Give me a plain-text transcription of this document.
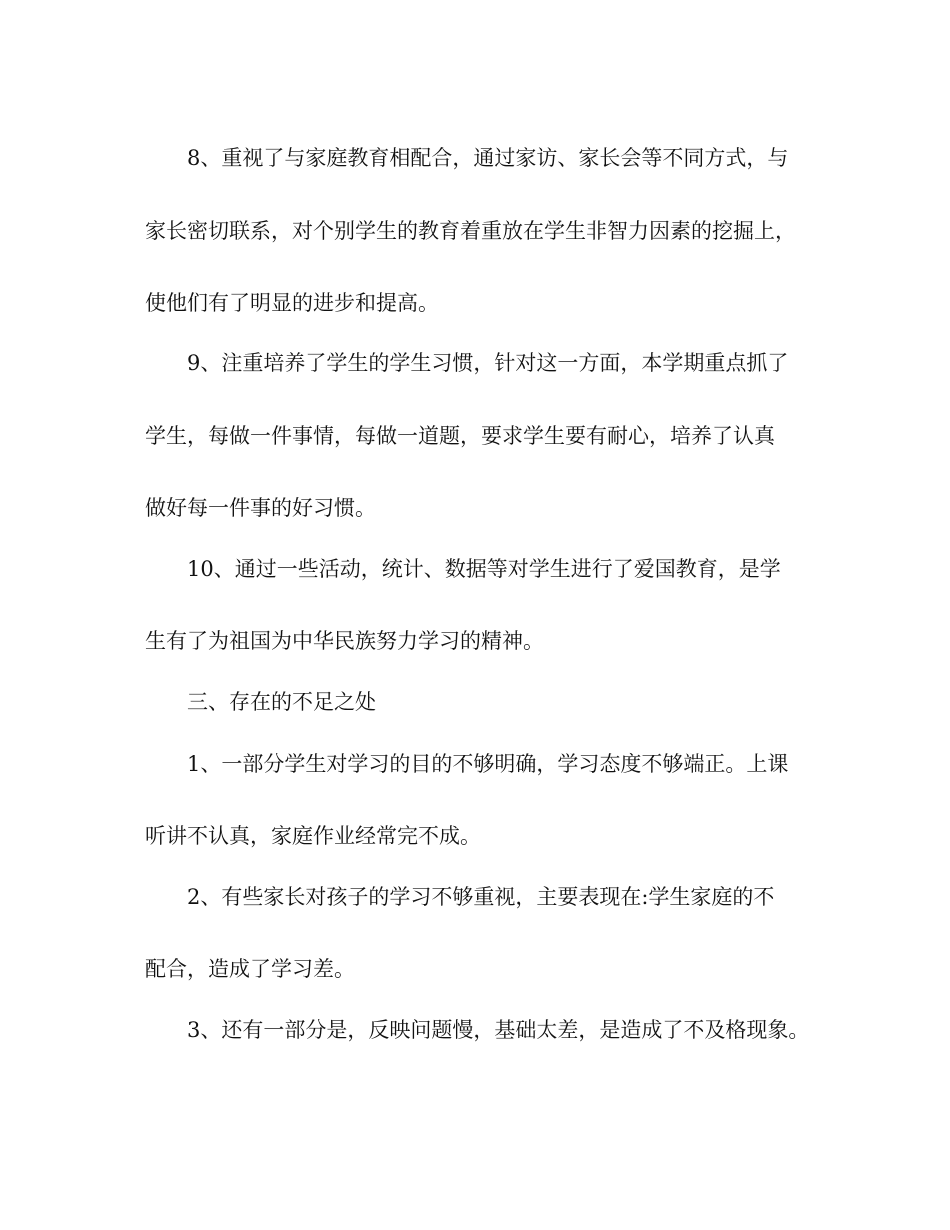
8、重视了与家庭教育相配合，通过家访、家长会等不同方式，与
家长密切联系，对个别学生的教育着重放在学生非智力因素的挖掘上，
使他们有了明显的进步和提高。
9、注重培养了学生的学生习惯，针对这一方面，本学期重点抓了
学生，每做一件事情，每做一道题，要求学生要有耐心，培养了认真
做好每一件事的好习惯。
10、通过一些活动，统计、数据等对学生进行了爱国教育，是学
生有了为祖国为中华民族努力学习的精神。
三、存在的不足之处
1、一部分学生对学习的目的不够明确，学习态度不够端正。上课
听讲不认真，家庭作业经常完不成。
2、有些家长对孩子的学习不够重视，主要表现在:学生家庭的不
配合，造成了学习差。
3、还有一部分是，反映问题慢，基础太差，是造成了不及格现象。
